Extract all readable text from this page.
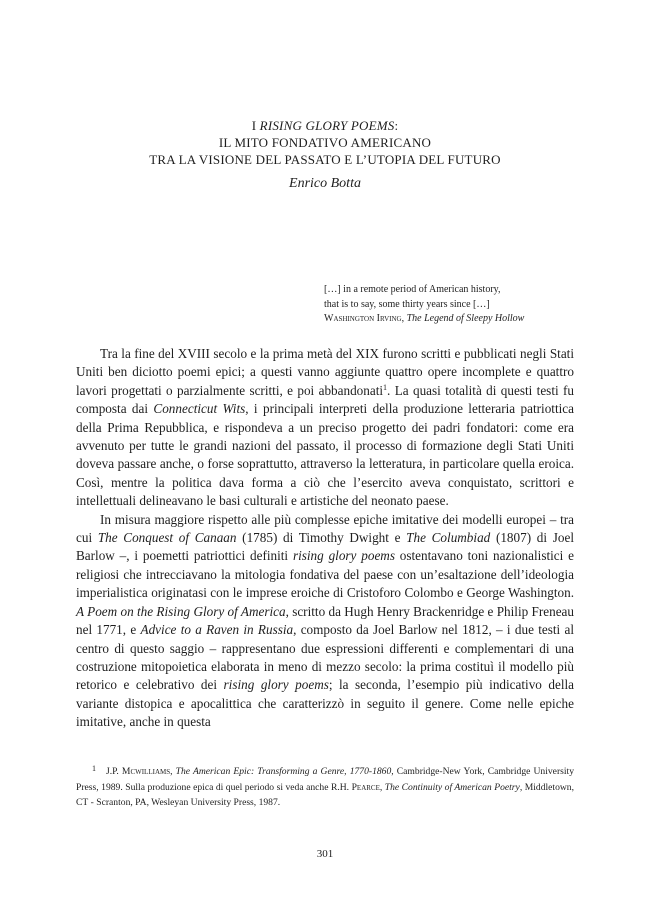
I RISING GLORY POEMS:
IL MITO FONDATIVO AMERICANO
TRA LA VISIONE DEL PASSATO E L’UTOPIA DEL FUTURO
Enrico Botta
[…] in a remote period of American history,
that is to say, some thirty years since […]
Washington Irving, The Legend of Sleepy Hollow

Tra la fine del XVIII secolo e la prima metà del XIX furono scritti e pubblicati negli Stati Uniti ben diciotto poemi epici; a questi vanno aggiunte quattro opere incomplete e quattro lavori progettati o parzialmente scritti, e poi abbandonati$^1$. La quasi totalità di questi testi fu composta dai Connecticut Wits, i principali interpreti della produzione letteraria patriottica della Prima Repubblica, e rispondeva a un preciso progetto dei padri fondatori: come era avvenuto per tutte le grandi nazioni del passato, il processo di formazione degli Stati Uniti doveva passare anche, o forse soprattutto, attraverso la letteratura, in particolare quella eroica. Così, mentre la politica dava forma a ciò che l’esercito aveva conquistato, scrittori e intellettuali delineavano le basi culturali e artistiche del neonato paese.

In misura maggiore rispetto alle più complesse epiche imitative dei modelli europei – tra cui The Conquest of Canaan (1785) di Timothy Dwight e The Columbiad (1807) di Joel Barlow –, i poemetti patriottici definiti rising glory poems ostentavano toni nazionalistici e religiosi che intrecciavano la mitologia fondativa del paese con un’esaltazione dell’ideologia imperialistica originatasi con le imprese eroiche di Cristoforo Colombo e George Washington. A Poem on the Rising Glory of America, scritto da Hugh Henry Brackenridge e Philip Freneau nel 1771, e Advice to a Raven in Russia, composto da Joel Barlow nel 1812, – i due testi al centro di questo saggio – rappresentano due espressioni differenti e complementari di una costruzione mitopoietica elaborata in meno di mezzo secolo: la prima costituì il modello più retorico e celebrativo dei rising glory poems; la seconda, l’esempio più indicativo della variante distopica e apocalittica che caratterizzò in seguito il genere. Come nelle epiche imitative, anche in questa

1 J.P. Mcwilliams, The American Epic: Transforming a Genre, 1770-1860, Cambridge-New York, Cambridge University Press, 1989. Sulla produzione epica di quel periodo si veda anche R.H. Pearce, The Continuity of American Poetry, Middletown, CT - Scranton, PA, Wesleyan University Press, 1987.
301
